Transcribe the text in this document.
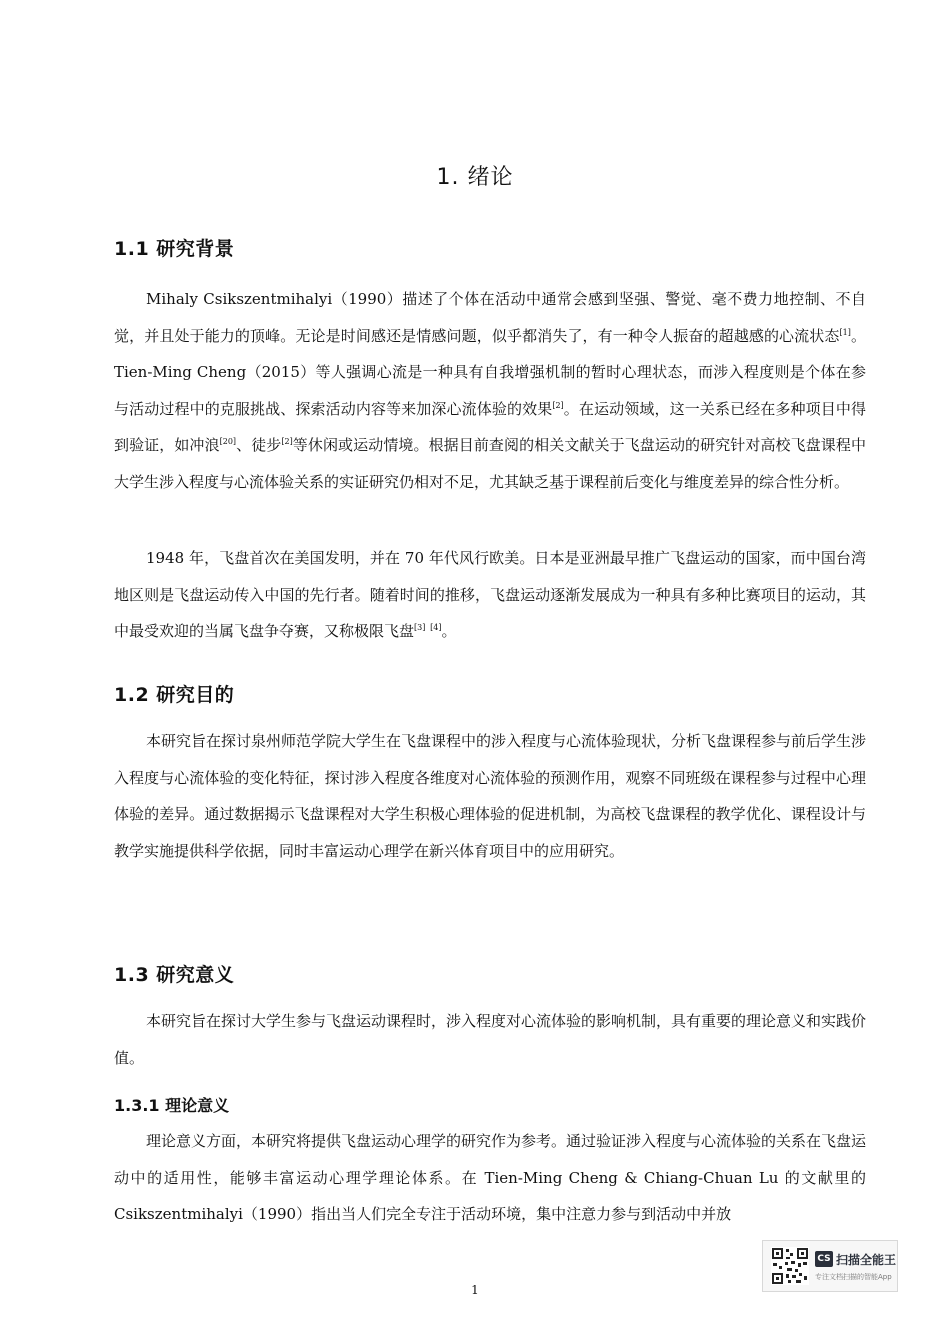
1. 绪论
1.1 研究背景

Mihaly Csikszentmihalyi（1990）描述了个体在活动中通常会感到坚强、警觉、毫不费力地控制、不自觉，并且处于能力的顶峰。无论是时间感还是情感问题，似乎都消失了，有一种令人振奋的超越感的心流状态[1]。 Tien-Ming Cheng（2015）等人强调心流是一种具有自我增强机制的暂时心理状态，而涉入程度则是个体在参与活动过程中的克服挑战、探索活动内容等来加深心流体验的效果[2]。在运动领域，这一关系已经在多种项目中得到验证，如冲浪[20]、徒步[2]等休闲或运动情境。根据目前查阅的相关文献关于飞盘运动的研究针对高校飞盘课程中大学生涉入程度与心流体验关系的实证研究仍相对不足，尤其缺乏基于课程前后变化与维度差异的综合性分析。

1948 年，飞盘首次在美国发明，并在 70 年代风行欧美。日本是亚洲最早推广飞盘运动的国家，而中国台湾地区则是飞盘运动传入中国的先行者。随着时间的推移，飞盘运动逐渐发展成为一种具有多种比赛项目的运动，其中最受欢迎的当属飞盘争夺赛，又称极限飞盘[3] [4]。

1.2 研究目的

本研究旨在探讨泉州师范学院大学生在飞盘课程中的涉入程度与心流体验现状，分析飞盘课程参与前后学生涉入程度与心流体验的变化特征，探讨涉入程度各维度对心流体验的预测作用，观察不同班级在课程参与过程中心理体验的差异。通过数据揭示飞盘课程对大学生积极心理体验的促进机制，为高校飞盘课程的教学优化、课程设计与教学实施提供科学依据，同时丰富运动心理学在新兴体育项目中的应用研究。

1.3 研究意义

本研究旨在探讨大学生参与飞盘运动课程时，涉入程度对心流体验的影响机制，具有重要的理论意义和实践价值。

1.3.1 理论意义

理论意义方面，本研究将提供飞盘运动心理学的研究作为参考。通过验证涉入程度与心流体验的关系在飞盘运动中的适用性，能够丰富运动心理学理论体系。在 Tien-Ming Cheng & Chiang-Chuan Lu 的文献里的 Csikszentmihalyi（1990）指出当人们完全专注于活动环境，集中注意力参与到活动中并放

1
CS 扫描全能王
专注文档扫描的智能App
